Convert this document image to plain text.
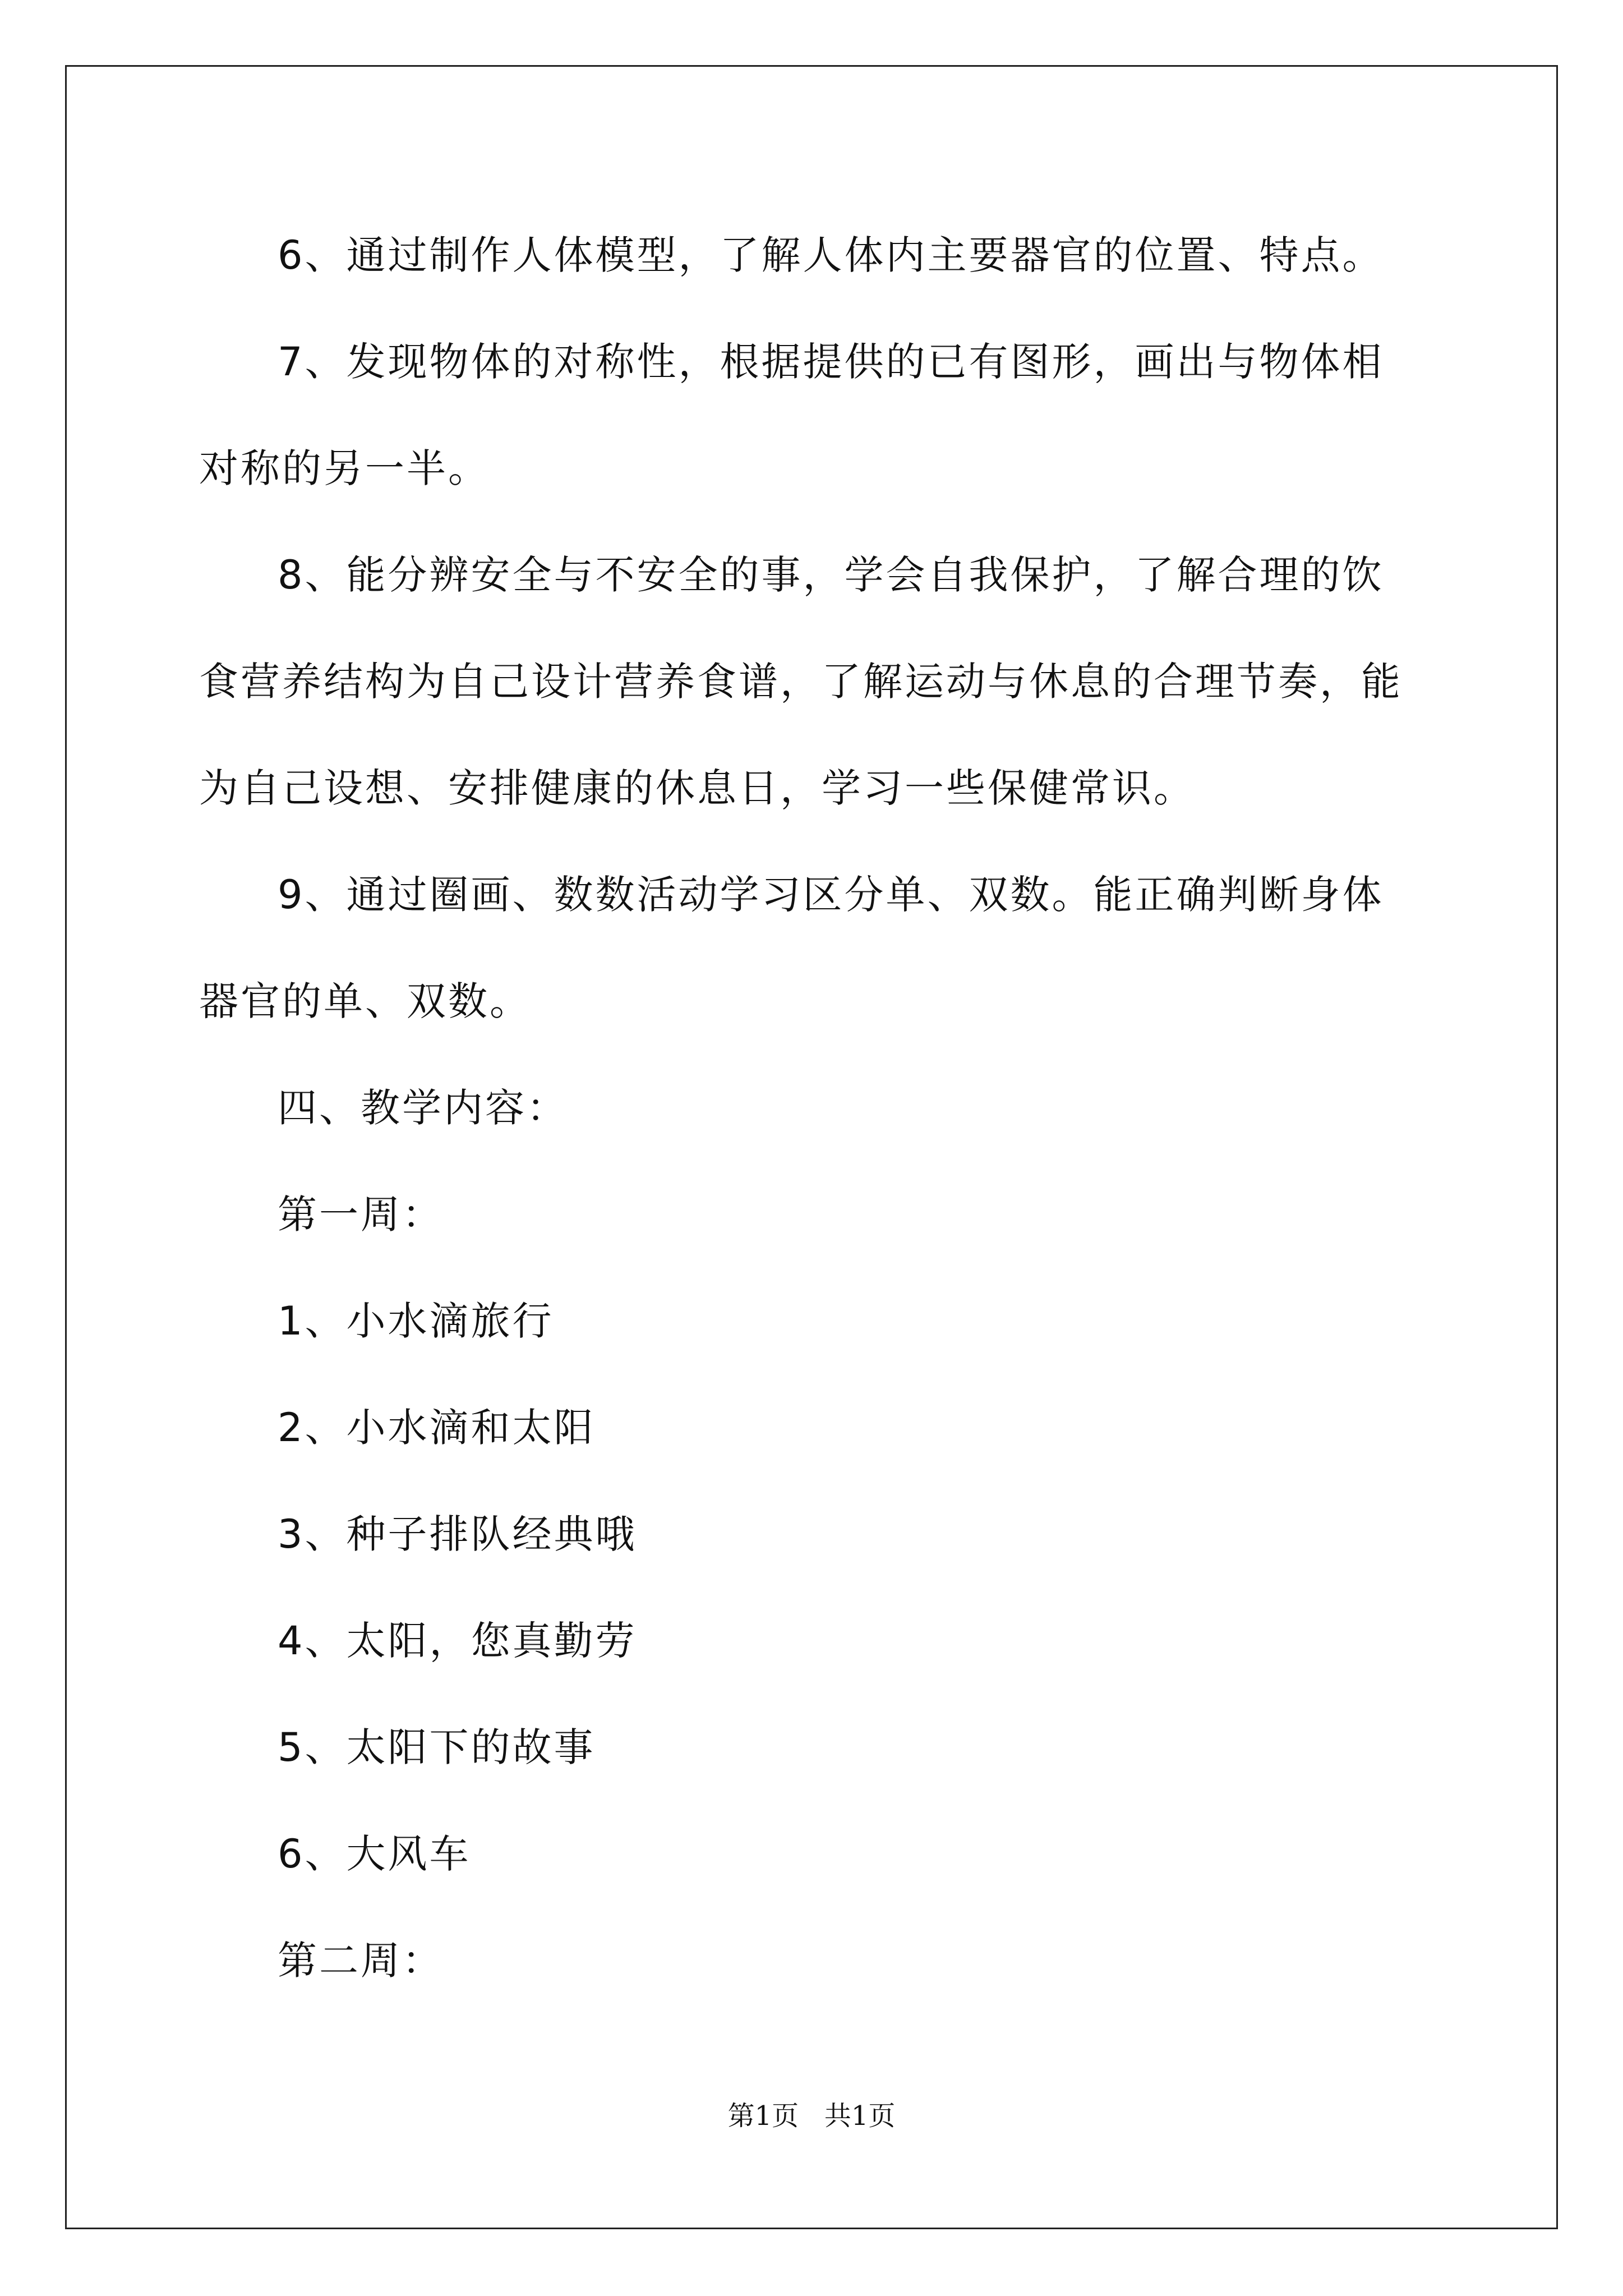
6、通过制作人体模型，了解人体内主要器官的位置、特点。

7、发现物体的对称性，根据提供的已有图形，画出与物体相对称的另一半。

8、能分辨安全与不安全的事，学会自我保护，了解合理的饮食营养结构为自己设计营养食谱，了解运动与休息的合理节奏，能为自己设想、安排健康的休息日，学习一些保健常识。

9、通过圈画、数数活动学习区分单、双数。能正确判断身体器官的单、双数。

四、教学内容：

第一周：

1、小水滴旅行

2、小水滴和太阳

3、种子排队经典哦

4、太阳，您真勤劳

5、太阳下的故事

6、大风车

第二周：

第1页   共1页
